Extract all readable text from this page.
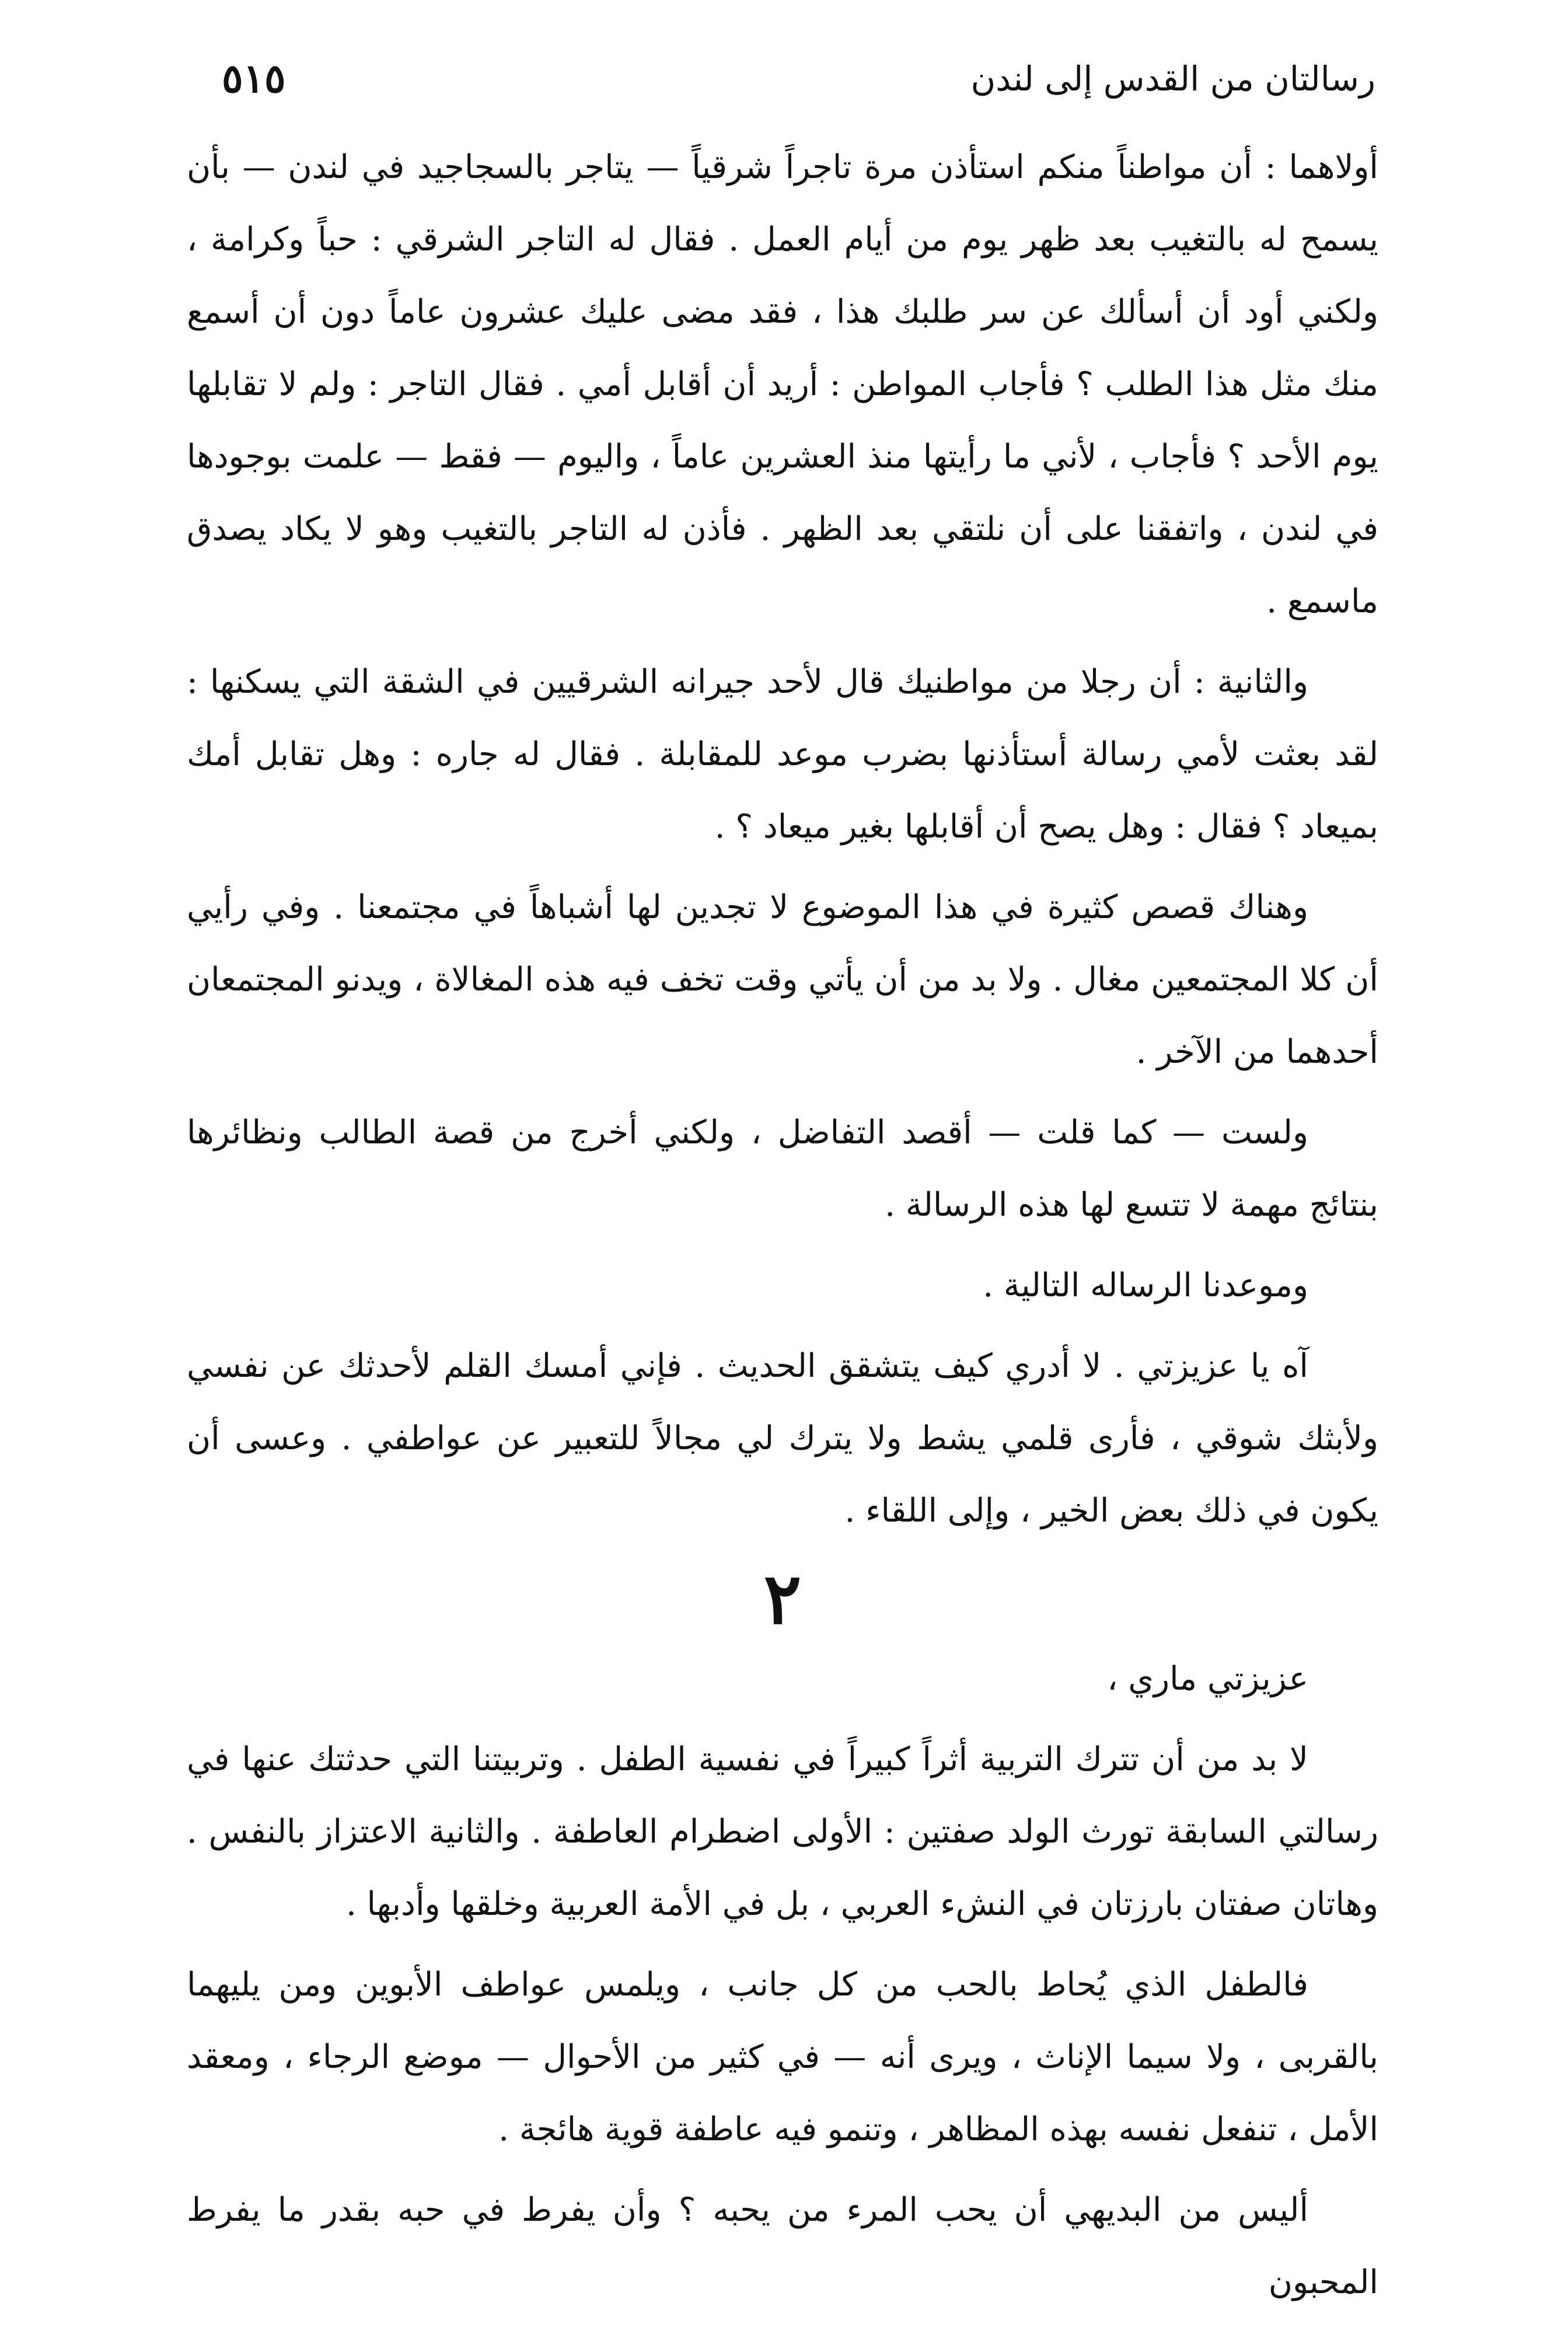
رسالتان من القدس إلى لندن
٥١٥

أولاهما : أن مواطناً منكم استأذن مرة تاجراً شرقياً — يتاجر بالسجاجيد في لندن — بأن يسمح له بالتغيب بعد ظهر يوم من أيام العمل . فقال له التاجر الشرقي : حباً وكرامة ، ولكني أود أن أسألك عن سر طلبك هذا ، فقد مضى عليك عشرون عاماً دون أن أسمع منك مثل هذا الطلب ؟ فأجاب المواطن : أريد أن أقابل أمي . فقال التاجر : ولم لا تقابلها يوم الأحد ؟ فأجاب ، لأني ما رأيتها منذ العشرين عاماً ، واليوم — فقط — علمت بوجودها في لندن ، واتفقنا على أن نلتقي بعد الظهر . فأذن له التاجر بالتغيب وهو لا يكاد يصدق ماسمع .

والثانية : أن رجلا من مواطنيك قال لأحد جيرانه الشرقيين في الشقة التي يسكنها : لقد بعثت لأمي رسالة أستأذنها بضرب موعد للمقابلة . فقال له جاره : وهل تقابل أمك بميعاد ؟ فقال : وهل يصح أن أقابلها بغير ميعاد ؟ .

وهناك قصص كثيرة في هذا الموضوع لا تجدين لها أشباهاً في مجتمعنا . وفي رأيي أن كلا المجتمعين مغال . ولا بد من أن يأتي وقت تخف فيه هذه المغالاة ، ويدنو المجتمعان أحدهما من الآخر .

ولست — كما قلت — أقصد التفاضل ، ولكني أخرج من قصة الطالب ونظائرها بنتائج مهمة لا تتسع لها هذه الرسالة .

وموعدنا الرساله التالية .

آه يا عزيزتي . لا أدري كيف يتشقق الحديث . فإني أمسك القلم لأحدثك عن نفسي ولأبثك شوقي ، فأرى قلمي يشط ولا يترك لي مجالاً للتعبير عن عواطفي . وعسى أن يكون في ذلك بعض الخير ، وإلى اللقاء .

٢

عزيزتي ماري ،

لا بد من أن تترك التربية أثراً كبيراً في نفسية الطفل . وتربيتنا التي حدثتك عنها في رسالتي السابقة تورث الولد صفتين : الأولى اضطرام العاطفة . والثانية الاعتزاز بالنفس . وهاتان صفتان بارزتان في النشء العربي ، بل في الأمة العربية وخلقها وأدبها .

فالطفل الذي يُحاط بالحب من كل جانب ، ويلمس عواطف الأبوين ومن يليهما بالقربى ، ولا سيما الإناث ، ويرى أنه — في كثير من الأحوال — موضع الرجاء ، ومعقد الأمل ، تنفعل نفسه بهذه المظاهر ، وتنمو فيه عاطفة قوية هائجة .

أليس من البديهي أن يحب المرء من يحبه ؟ وأن يفرط في حبه بقدر ما يفرط المحبون
